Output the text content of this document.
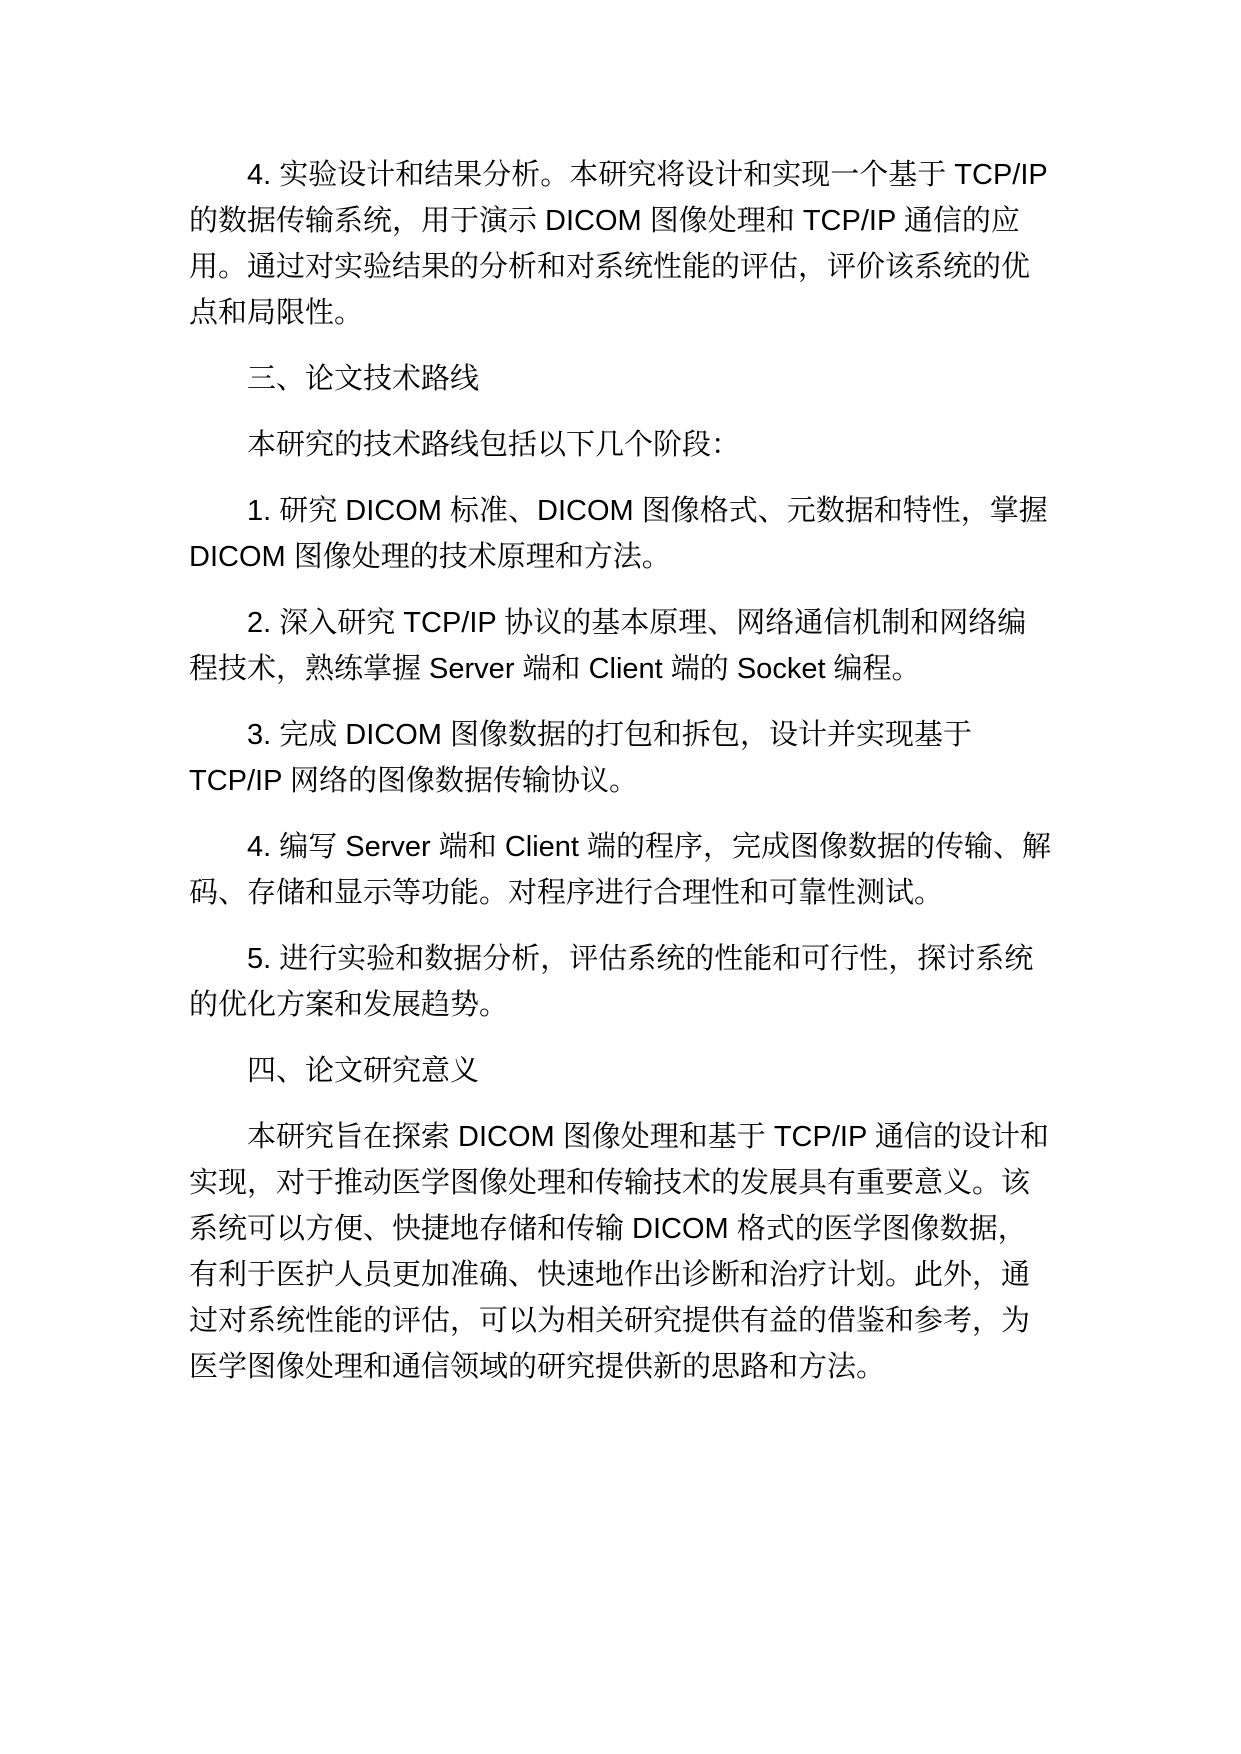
4. 实验设计和结果分析。本研究将设计和实现一个基于 TCP/IP 的数据传输系统，用于演示 DICOM 图像处理和 TCP/IP 通信的应用。通过对实验结果的分析和对系统性能的评估，评价该系统的优点和局限性。

三、论文技术路线

本研究的技术路线包括以下几个阶段：

1. 研究 DICOM 标准、DICOM 图像格式、元数据和特性，掌握 DICOM 图像处理的技术原理和方法。

2. 深入研究 TCP/IP 协议的基本原理、网络通信机制和网络编程技术，熟练掌握 Server 端和 Client 端的 Socket 编程。

3. 完成 DICOM 图像数据的打包和拆包，设计并实现基于 TCP/IP 网络的图像数据传输协议。

4. 编写 Server 端和 Client 端的程序，完成图像数据的传输、解码、存储和显示等功能。对程序进行合理性和可靠性测试。

5. 进行实验和数据分析，评估系统的性能和可行性，探讨系统的优化方案和发展趋势。

四、论文研究意义

本研究旨在探索 DICOM 图像处理和基于 TCP/IP 通信的设计和实现，对于推动医学图像处理和传输技术的发展具有重要意义。该系统可以方便、快捷地存储和传输 DICOM 格式的医学图像数据，有利于医护人员更加准确、快速地作出诊断和治疗计划。此外，通过对系统性能的评估，可以为相关研究提供有益的借鉴和参考，为医学图像处理和通信领域的研究提供新的思路和方法。
